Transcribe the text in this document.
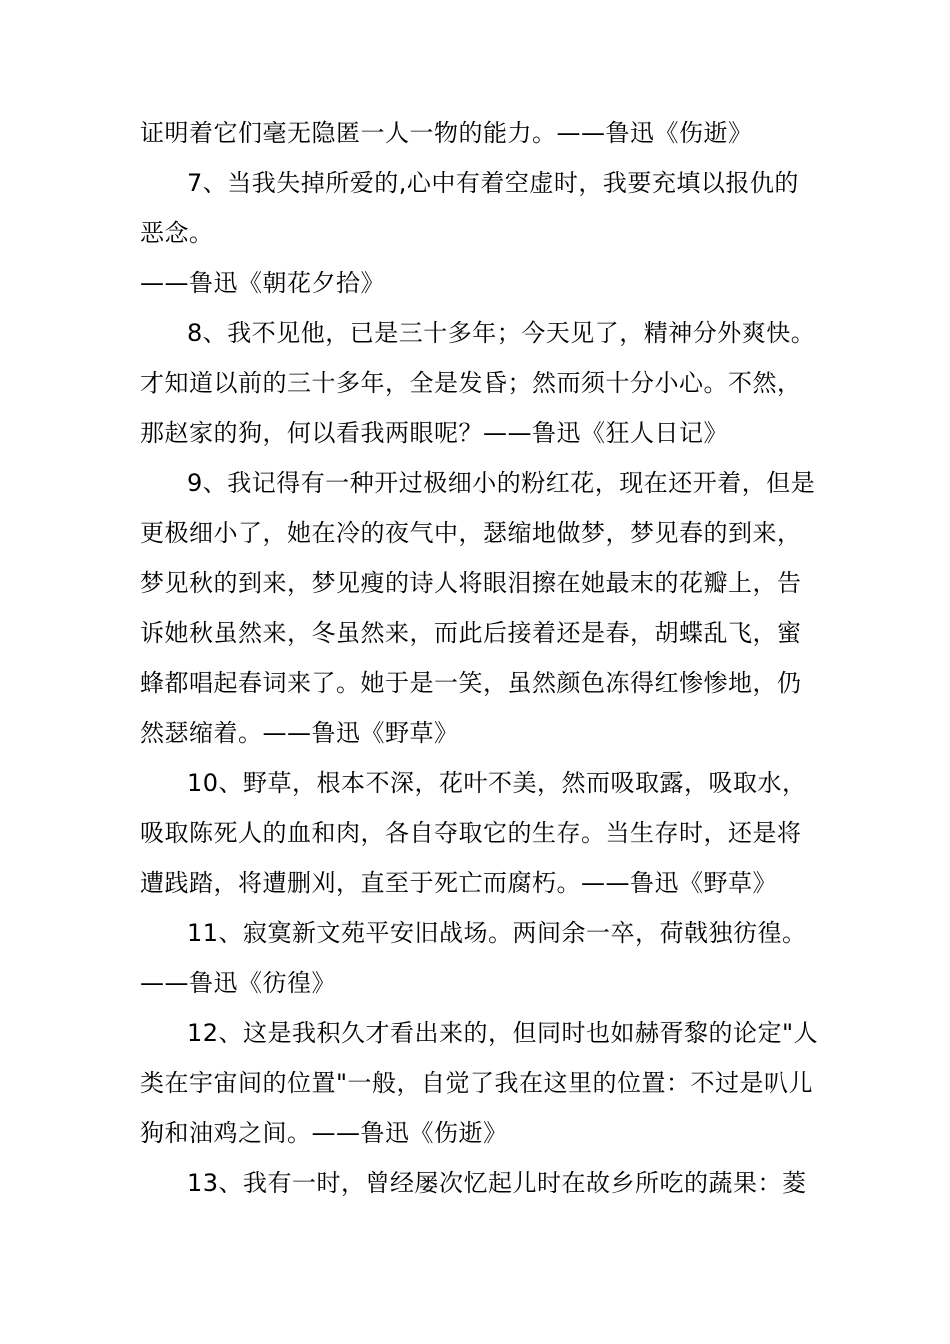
证明着它们毫无隐匿一人一物的能力。——鲁迅《伤逝》
7、当我失掉所爱的,心中有着空虚时，我要充填以报仇的
恶念。
——鲁迅《朝花夕拾》
8、我不见他，已是三十多年；今天见了，精神分外爽快。
才知道以前的三十多年，全是发昏；然而须十分小心。不然，
那赵家的狗，何以看我两眼呢？——鲁迅《狂人日记》
9、我记得有一种开过极细小的粉红花，现在还开着，但是
更极细小了，她在冷的夜气中，瑟缩地做梦，梦见春的到来，
梦见秋的到来，梦见瘦的诗人将眼泪擦在她最末的花瓣上，告
诉她秋虽然来，冬虽然来，而此后接着还是春，胡蝶乱飞，蜜
蜂都唱起春词来了。她于是一笑，虽然颜色冻得红惨惨地，仍
然瑟缩着。——鲁迅《野草》
10、野草，根本不深，花叶不美，然而吸取露，吸取水，
吸取陈死人的血和肉，各自夺取它的生存。当生存时，还是将
遭践踏，将遭删刈，直至于死亡而腐朽。——鲁迅《野草》
11、寂寞新文苑平安旧战场。两间余一卒，荷戟独彷徨。
——鲁迅《彷徨》
12、这是我积久才看出来的，但同时也如赫胥黎的论定"人
类在宇宙间的位置"一般，自觉了我在这里的位置：不过是叭儿
狗和油鸡之间。——鲁迅《伤逝》
13、我有一时，曾经屡次忆起儿时在故乡所吃的蔬果：菱
